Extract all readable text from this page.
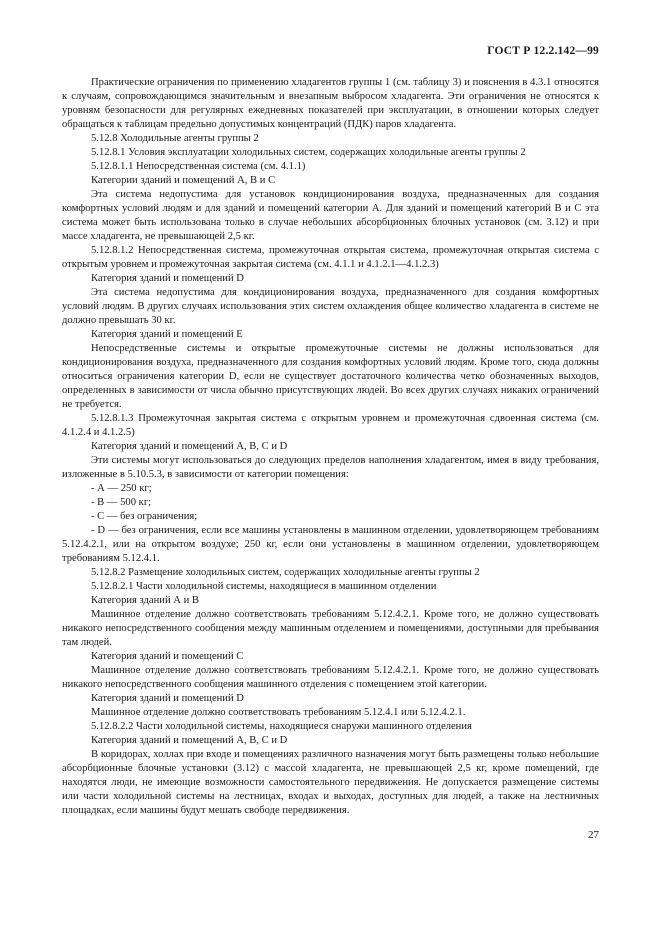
ГОСТ Р 12.2.142—99

Практические ограничения по применению хладагентов группы 1 (см. таблицу 3) и пояснения в 4.3.1 относятся к случаям, сопровождающимся значительным и внезапным выбросом хладагента. Эти ограничения не относятся к уровням безопасности для регулярных ежедневных показателей при эксплуатации, в отношении которых следует обращаться к таблицам предельно допустимых концентраций (ПДК) паров хладагента.

5.12.8 Холодильные агенты группы 2

5.12.8.1 Условия эксплуатации холодильных систем, содержащих холодильные агенты группы 2

5.12.8.1.1 Непосредственная система (см. 4.1.1)

Категории зданий и помещений А, В и С

Эта система недопустима для установок кондиционирования воздуха, предназначенных для создания комфортных условий людям и для зданий и помещений категории А. Для зданий и помещений категорий В и С эта система может быть использована только в случае небольших абсорбционных блочных установок (см. 3.12) и при массе хладагента, не превышающей 2,5 кг.

5.12.8.1.2 Непосредственная система, промежуточная открытая система, промежуточная открытая система с открытым уровнем и промежуточная закрытая система (см. 4.1.1 и 4.1.2.1—4.1.2.3)

Категория зданий и помещений D

Эта система недопустима для кондиционирования воздуха, предназначенного для создания комфортных условий людям. В других случаях использования этих систем охлаждения общее количество хладагента в системе не должно превышать 30 кг.

Категория зданий и помещений Е

Непосредственные системы и открытые промежуточные системы не должны использоваться для кондиционирования воздуха, предназначенного для создания комфортных условий людям. Кроме того, сюда должны относиться ограничения категории D, если не существует достаточного количества четко обозначенных выходов, определенных в зависимости от числа обычно присутствующих людей. Во всех других случаях никаких ограничений не требуется.

5.12.8.1.3 Промежуточная закрытая система с открытым уровнем и промежуточная сдвоенная система (см. 4.1.2.4 и 4.1.2.5)

Категория зданий и помещений А, В, С и D

Эти системы могут использоваться до следующих пределов наполнения хладагентом, имея в виду требования, изложенные в 5.10.5.3, в зависимости от категории помещения:

- А — 250 кг;

- В — 500 кг;

- С — без ограничения;

- D — без ограничения, если все машины установлены в машинном отделении, удовлетворяющем требованиям 5.12.4.2.1, или на открытом воздухе; 250 кг, если они установлены в машинном отделении, удовлетворяющем требованиям 5.12.4.1.

5.12.8.2 Размещение холодильных систем, содержащих холодильные агенты группы 2

5.12.8.2.1 Части холодильной системы, находящиеся в машинном отделении

Категория зданий А и В

Машинное отделение должно соответствовать требованиям 5.12.4.2.1. Кроме того, не должно существовать никакого непосредственного сообщения между машинным отделением и помещениями, доступными для пребывания там людей.

Категория зданий и помещений С

Машинное отделение должно соответствовать требованиям 5.12.4.2.1. Кроме того, не должно существовать никакого непосредственного сообщения машинного отделения с помещением этой категории.

Категория зданий и помещений D

Машинное отделение должно соответствовать требованиям 5.12.4.1 или 5.12.4.2.1.

5.12.8.2.2 Части холодильной системы, находящиеся снаружи машинного отделения

Категория зданий и помещений А, В, С и D

В коридорах, холлах при входе и помещениях различного назначения могут быть размещены только небольшие абсорбционные блочные установки (3.12) с массой хладагента, не превышающей 2,5 кг, кроме помещений, где находятся люди, не имеющие возможности самостоятельного передвижения. Не допускается размещение системы или части холодильной системы на лестницах, входах и выходах, доступных для людей, а также на лестничных площадках, если машины будут мешать свободе передвижения.

27
